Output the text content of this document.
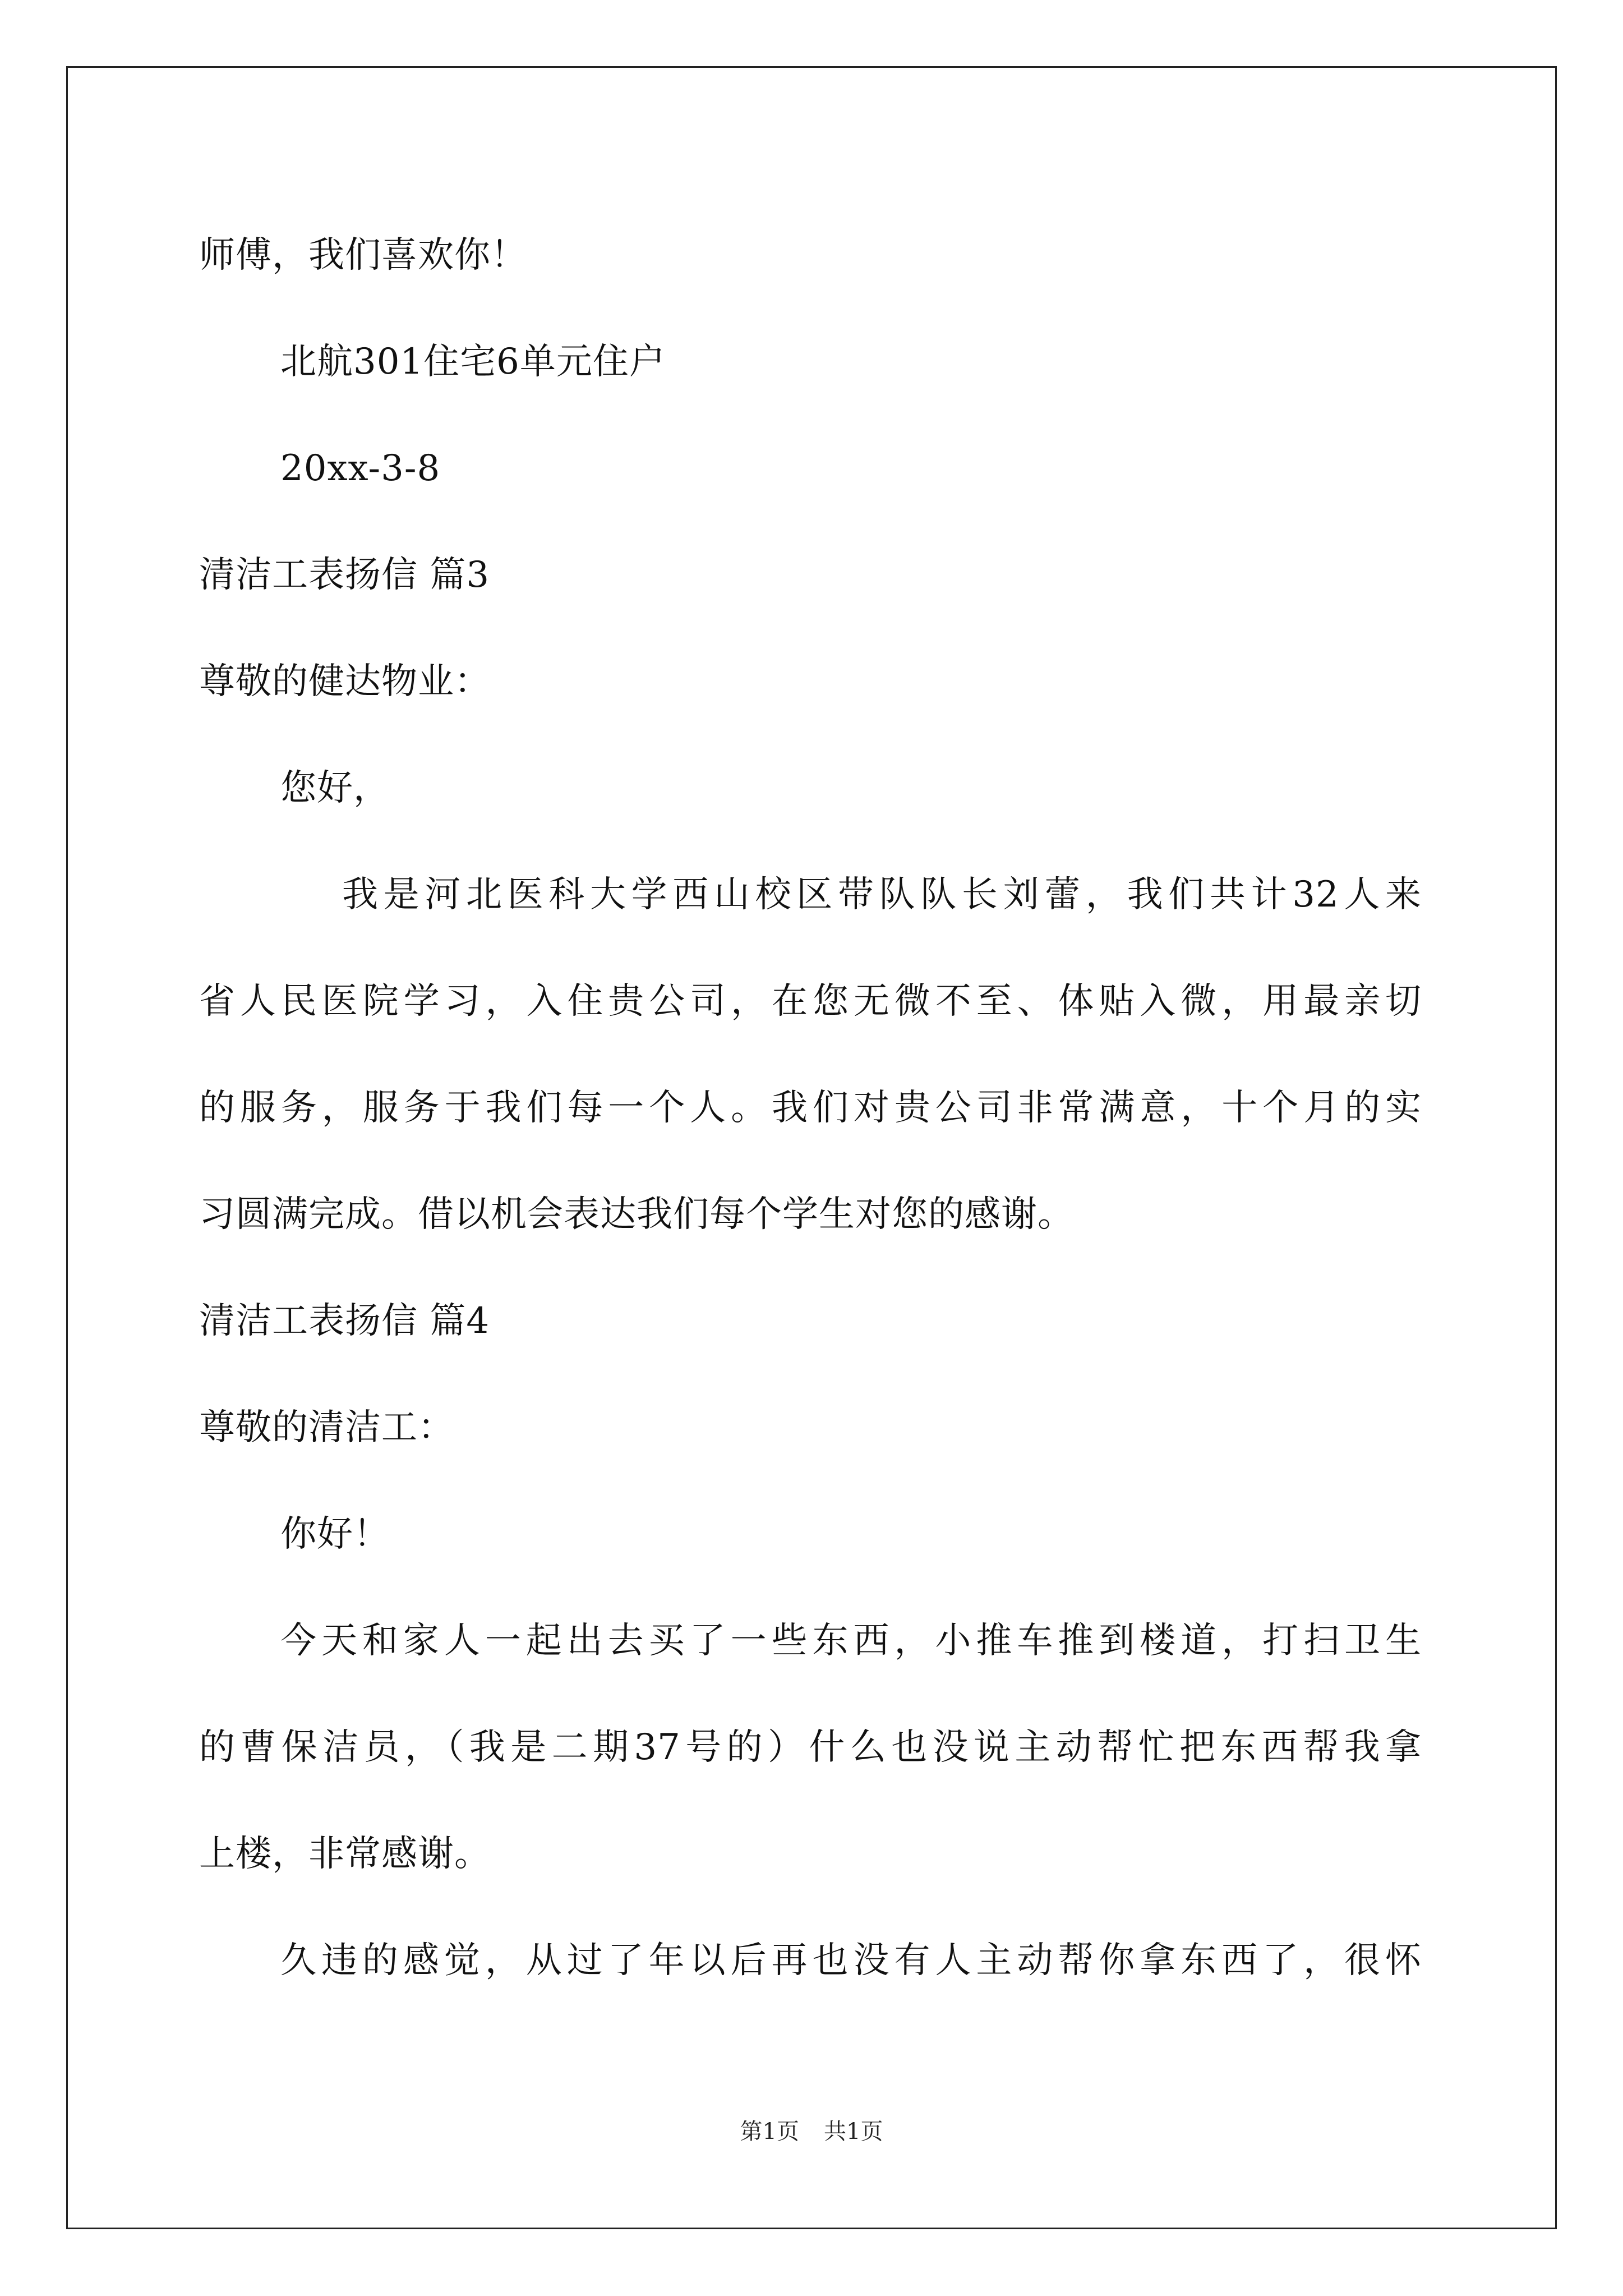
师傅，我们喜欢你！
北航301住宅6单元住户
20xx-3-8
清洁工表扬信 篇3
尊敬的健达物业：
您好，
我是河北医科大学西山校区带队队长刘蕾，我们共计32人来
省人民医院学习，入住贵公司，在您无微不至、体贴入微，用最亲切
的服务，服务于我们每一个人。我们对贵公司非常满意，十个月的实
习圆满完成。借以机会表达我们每个学生对您的感谢。
清洁工表扬信 篇4
尊敬的清洁工：
你好！
今天和家人一起出去买了一些东西，小推车推到楼道，打扫卫生
的曹保洁员，（我是二期37号的）什么也没说主动帮忙把东西帮我拿
上楼，非常感谢。
久违的感觉，从过了年以后再也没有人主动帮你拿东西了，很怀
第1页 共1页
